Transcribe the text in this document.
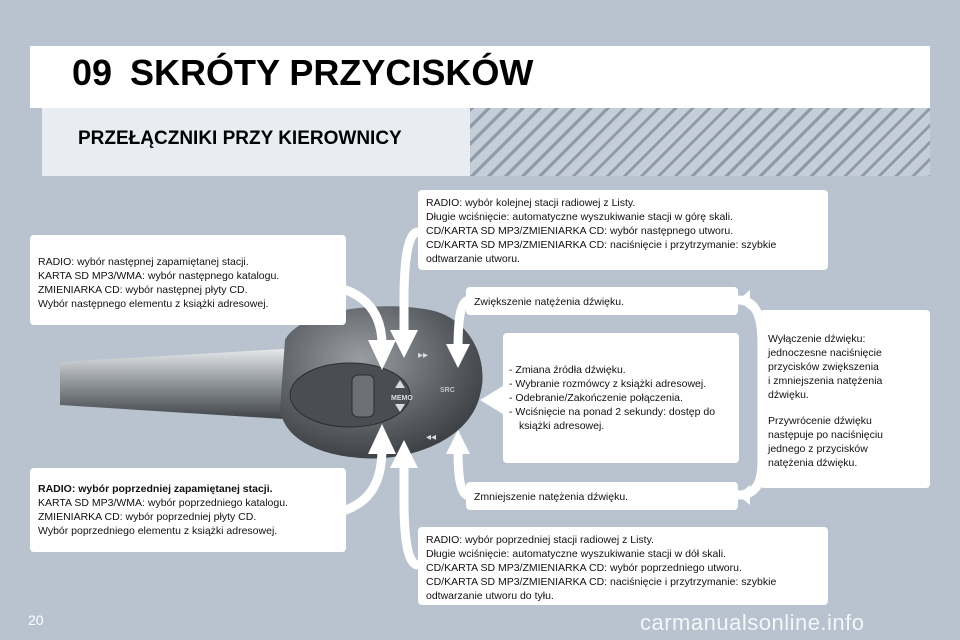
09 SKRÓTY PRZYCISKÓW
PRZEŁĄCZNIKI PRZY KIEROWNICY
MEMO
SRC
▸▸
◂◂

RADIO: wybór następnej zapamiętanej stacji.

KARTA SD MP3/WMA: wybór następnego katalogu.

ZMIENIARKA CD: wybór następnej płyty CD.

Wybór następnego elementu z książki adresowej.

RADIO: wybór poprzedniej zapamiętanej stacji.

KARTA SD MP3/WMA: wybór poprzedniego katalogu.

ZMIENIARKA CD: wybór poprzedniej płyty CD.

Wybór poprzedniego elementu z książki adresowej.

RADIO: wybór kolejnej stacji radiowej z Listy.

Długie wciśnięcie: automatyczne wyszukiwanie stacji w górę skali.

CD/KARTA SD MP3/ZMIENIARKA CD: wybór następnego utworu.

CD/KARTA SD MP3/ZMIENIARKA CD: naciśnięcie i przytrzymanie: szybkie

odtwarzanie utworu.

RADIO: wybór poprzedniej stacji radiowej z Listy.

Długie wciśnięcie: automatyczne wyszukiwanie stacji w dół skali.

CD/KARTA SD MP3/ZMIENIARKA CD: wybór poprzedniego utworu.

CD/KARTA SD MP3/ZMIENIARKA CD: naciśnięcie i przytrzymanie: szybkie

odtwarzanie utworu do tyłu.

Zwiększenie natężenia dźwięku.
Zmniejszenie natężenia dźwięku.
- Zmiana źródła dźwięku.
- Wybranie rozmówcy z książki adresowej.
- Odebranie/Zakończenie połączenia.
- Wciśnięcie na ponad 2 sekundy: dostęp do książki adresowej.

Wyłączenie dźwięku:

jednoczesne naciśnięcie

przycisków zwiększenia

i zmniejszenia natężenia

dźwięku.

Przywrócenie dźwięku

następuje po naciśnięciu

jednego z przycisków

natężenia dźwięku.

20	carmanualsonline.info
